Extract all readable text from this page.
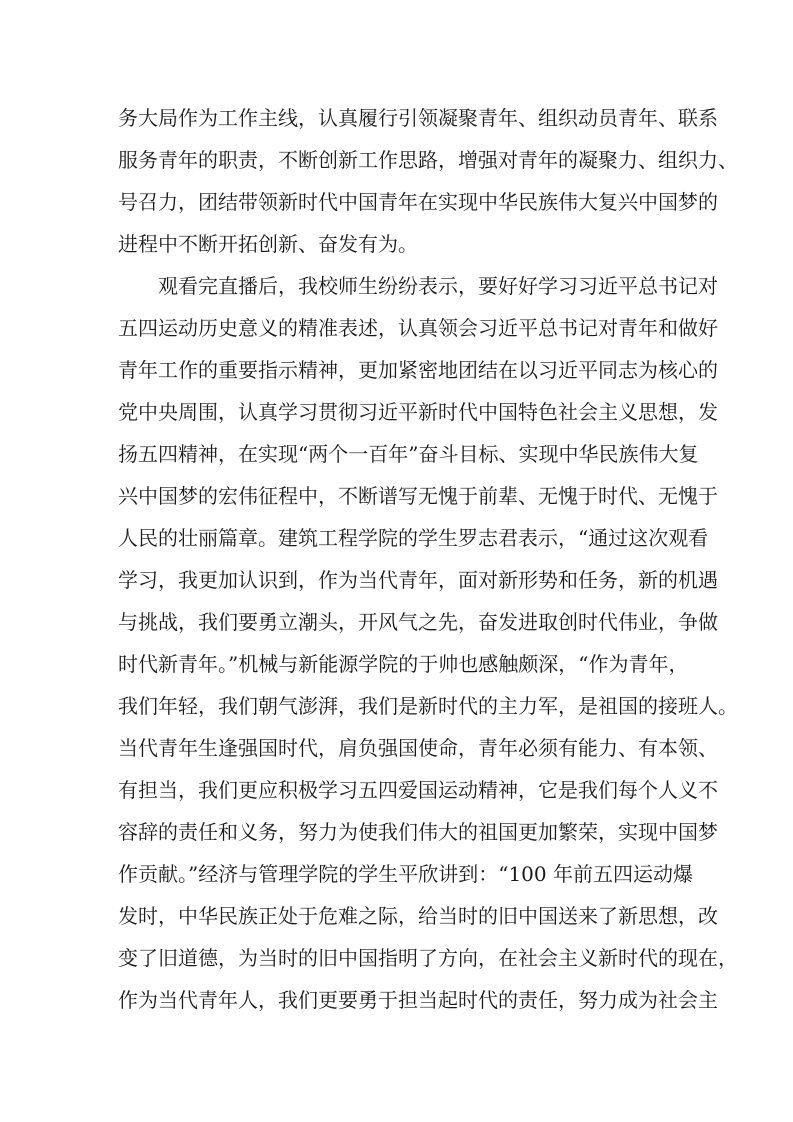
务大局作为工作主线，认真履行引领凝聚青年、组织动员青年、联系
服务青年的职责，不断创新工作思路，增强对青年的凝聚力、组织力、
号召力，团结带领新时代中国青年在实现中华民族伟大复兴中国梦的
进程中不断开拓创新、奋发有为。
观看完直播后，我校师生纷纷表示，要好好学习习近平总书记对
五四运动历史意义的精准表述，认真领会习近平总书记对青年和做好
青年工作的重要指示精神，更加紧密地团结在以习近平同志为核心的
党中央周围，认真学习贯彻习近平新时代中国特色社会主义思想，发
扬五四精神，在实现“两个一百年”奋斗目标、实现中华民族伟大复
兴中国梦的宏伟征程中，不断谱写无愧于前辈、无愧于时代、无愧于
人民的壮丽篇章。建筑工程学院的学生罗志君表示，“通过这次观看
学习，我更加认识到，作为当代青年，面对新形势和任务，新的机遇
与挑战，我们要勇立潮头，开风气之先，奋发进取创时代伟业，争做
时代新青年。”机械与新能源学院的于帅也感触颇深，“作为青年，
我们年轻，我们朝气澎湃，我们是新时代的主力军，是祖国的接班人。
当代青年生逢强国时代，肩负强国使命，青年必须有能力、有本领、
有担当，我们更应积极学习五四爱国运动精神，它是我们每个人义不
容辞的责任和义务，努力为使我们伟大的祖国更加繁荣，实现中国梦
作贡献。”经济与管理学院的学生平欣讲到：“100 年前五四运动爆
发时，中华民族正处于危难之际，给当时的旧中国送来了新思想，改
变了旧道德，为当时的旧中国指明了方向，在社会主义新时代的现在，
作为当代青年人，我们更要勇于担当起时代的责任，努力成为社会主
